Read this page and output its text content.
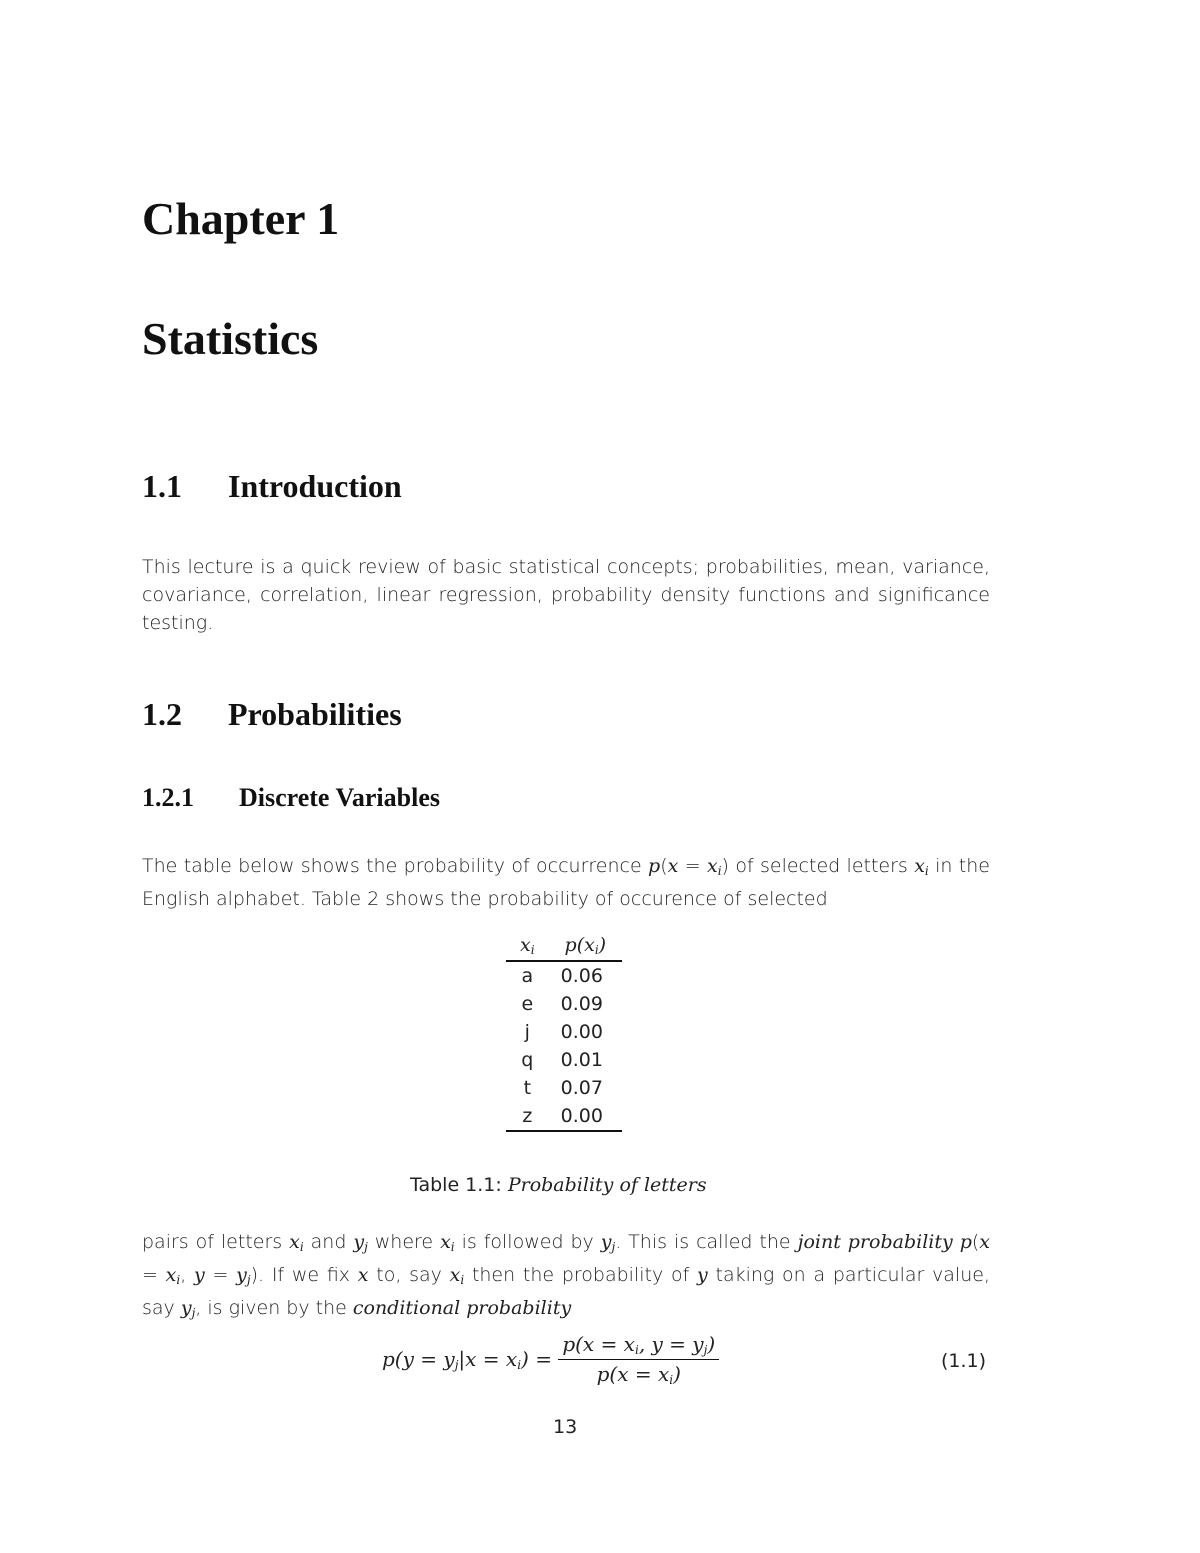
Chapter 1
Statistics
1.1 Introduction
This lecture is a quick review of basic statistical concepts; probabilities, mean, variance, covariance, correlation, linear regression, probability density functions and significance testing.
1.2 Probabilities
1.2.1 Discrete Variables
The table below shows the probability of occurrence $p(x = x_i)$ of selected letters $x_i$ in the English alphabet. Table 2 shows the probability of occurence of selected
$x_i$	$p(x_i)$
a	0.06
e	0.09
j	0.00
q	0.01
t	0.07
z	0.00
Table 1.1: Probability of letters
pairs of letters $x_i$ and $y_j$ where $x_i$ is followed by $y_j$. This is called the joint probability $p(x = x_i$, $y = y_j$). If we fix x to, say $x_i$ then the probability of y taking on a particular value, say $y_j$, is given by the conditional probability
$p(y = y_j|x = x_i) = \frac{p(x = x_i, y = y_j)}{p(x = x_i)}$	(1.1)
13
